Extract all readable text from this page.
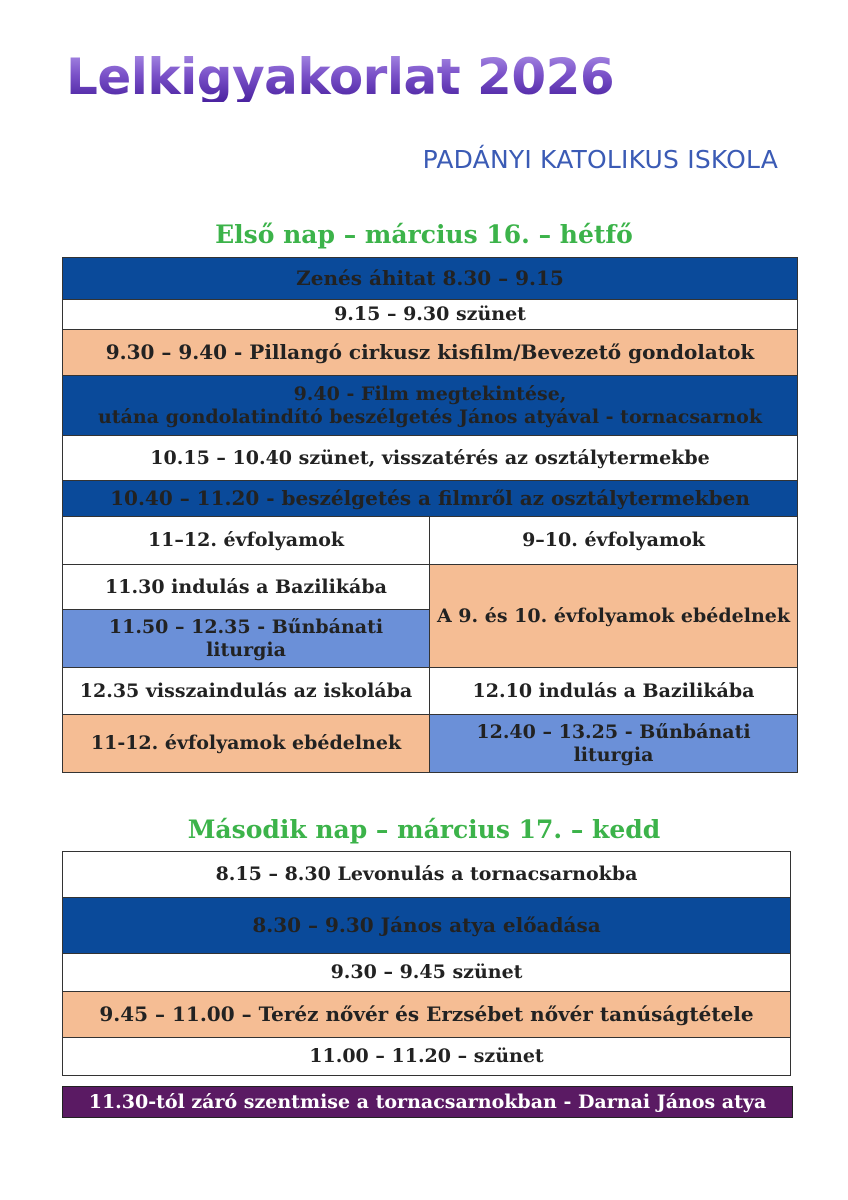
Lelkigyakorlat 2026
PADÁNYI KATOLIKUS ISKOLA
Első nap – március 16. – hétfő
Zenés áhitat 8.30 – 9.15	
9.15 – 9.30 szünet	
9.30 – 9.40 - Pillangó cirkusz kisfilm/Bevezető gondolatok	

9.40 - Film megtekintése,
utána gondolatindító beszélgetés János atyával - tornacsarnok	

10.15 – 10.40 szünet, visszatérés az osztálytermekbe	
10.40 – 11.20 - beszélgetés a filmről az osztálytermekben	
11–12. évfolyamok	9–10. évfolyamok
11.30 indulás a Bazilikába	A 9. és 10. évfolyamok ebédelnek
11.50 – 12.35 - Bűnbánati liturgia	
12.35 visszaindulás az iskolába	12.10 indulás a Bazilikába
11-12. évfolyamok ebédelnek	12.40 – 13.25 - Bűnbánati liturgia
Második nap – március 17. – kedd
8.15 – 8.30 Levonulás a tornacsarnokba
8.30 – 9.30 János atya előadása
9.30 – 9.45 szünet
9.45 – 11.00 – Teréz nővér és Erzsébet nővér tanúságtétele
11.00 – 11.20 – szünet
11.30-tól záró szentmise a tornacsarnokban - Darnai János atya
